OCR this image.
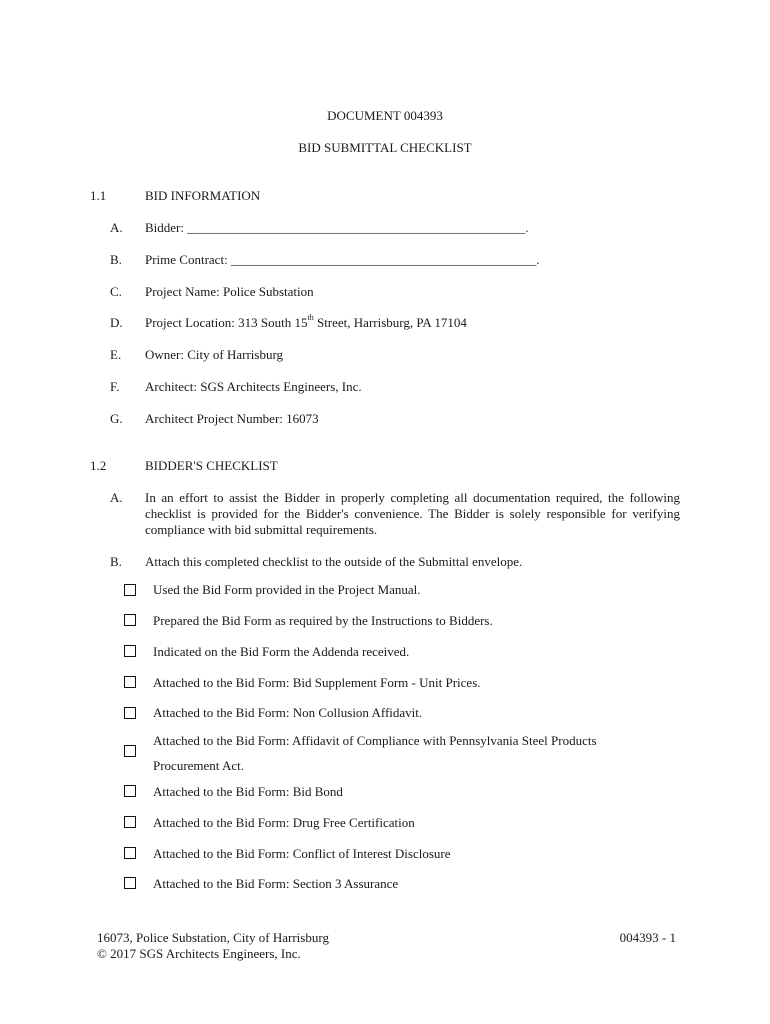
DOCUMENT 004393
BID SUBMITTAL CHECKLIST
1.1	BID INFORMATION
A. Bidder: ____________________________________________________.
B. Prime Contract: _______________________________________________.
C. Project Name: Police Substation
D. Project Location: 313 South 15th Street, Harrisburg, PA 17104
E. Owner: City of Harrisburg
F. Architect: SGS Architects Engineers, Inc.
G. Architect Project Number: 16073
1.2	BIDDER'S CHECKLIST
A. In an effort to assist the Bidder in properly completing all documentation required, the following checklist is provided for the Bidder's convenience. The Bidder is solely responsible for verifying compliance with bid submittal requirements.
B. Attach this completed checklist to the outside of the Submittal envelope.
Used the Bid Form provided in the Project Manual.
Prepared the Bid Form as required by the Instructions to Bidders.
Indicated on the Bid Form the Addenda received.
Attached to the Bid Form: Bid Supplement Form - Unit Prices.
Attached to the Bid Form: Non Collusion Affidavit.
Attached to the Bid Form: Affidavit of Compliance with Pennsylvania Steel Products
Procurement Act.
Attached to the Bid Form: Bid Bond
Attached to the Bid Form: Drug Free Certification
Attached to the Bid Form: Conflict of Interest Disclosure
Attached to the Bid Form: Section 3 Assurance
16073, Police Substation, City of Harrisburg
© 2017 SGS Architects Engineers, Inc.
004393 - 1
